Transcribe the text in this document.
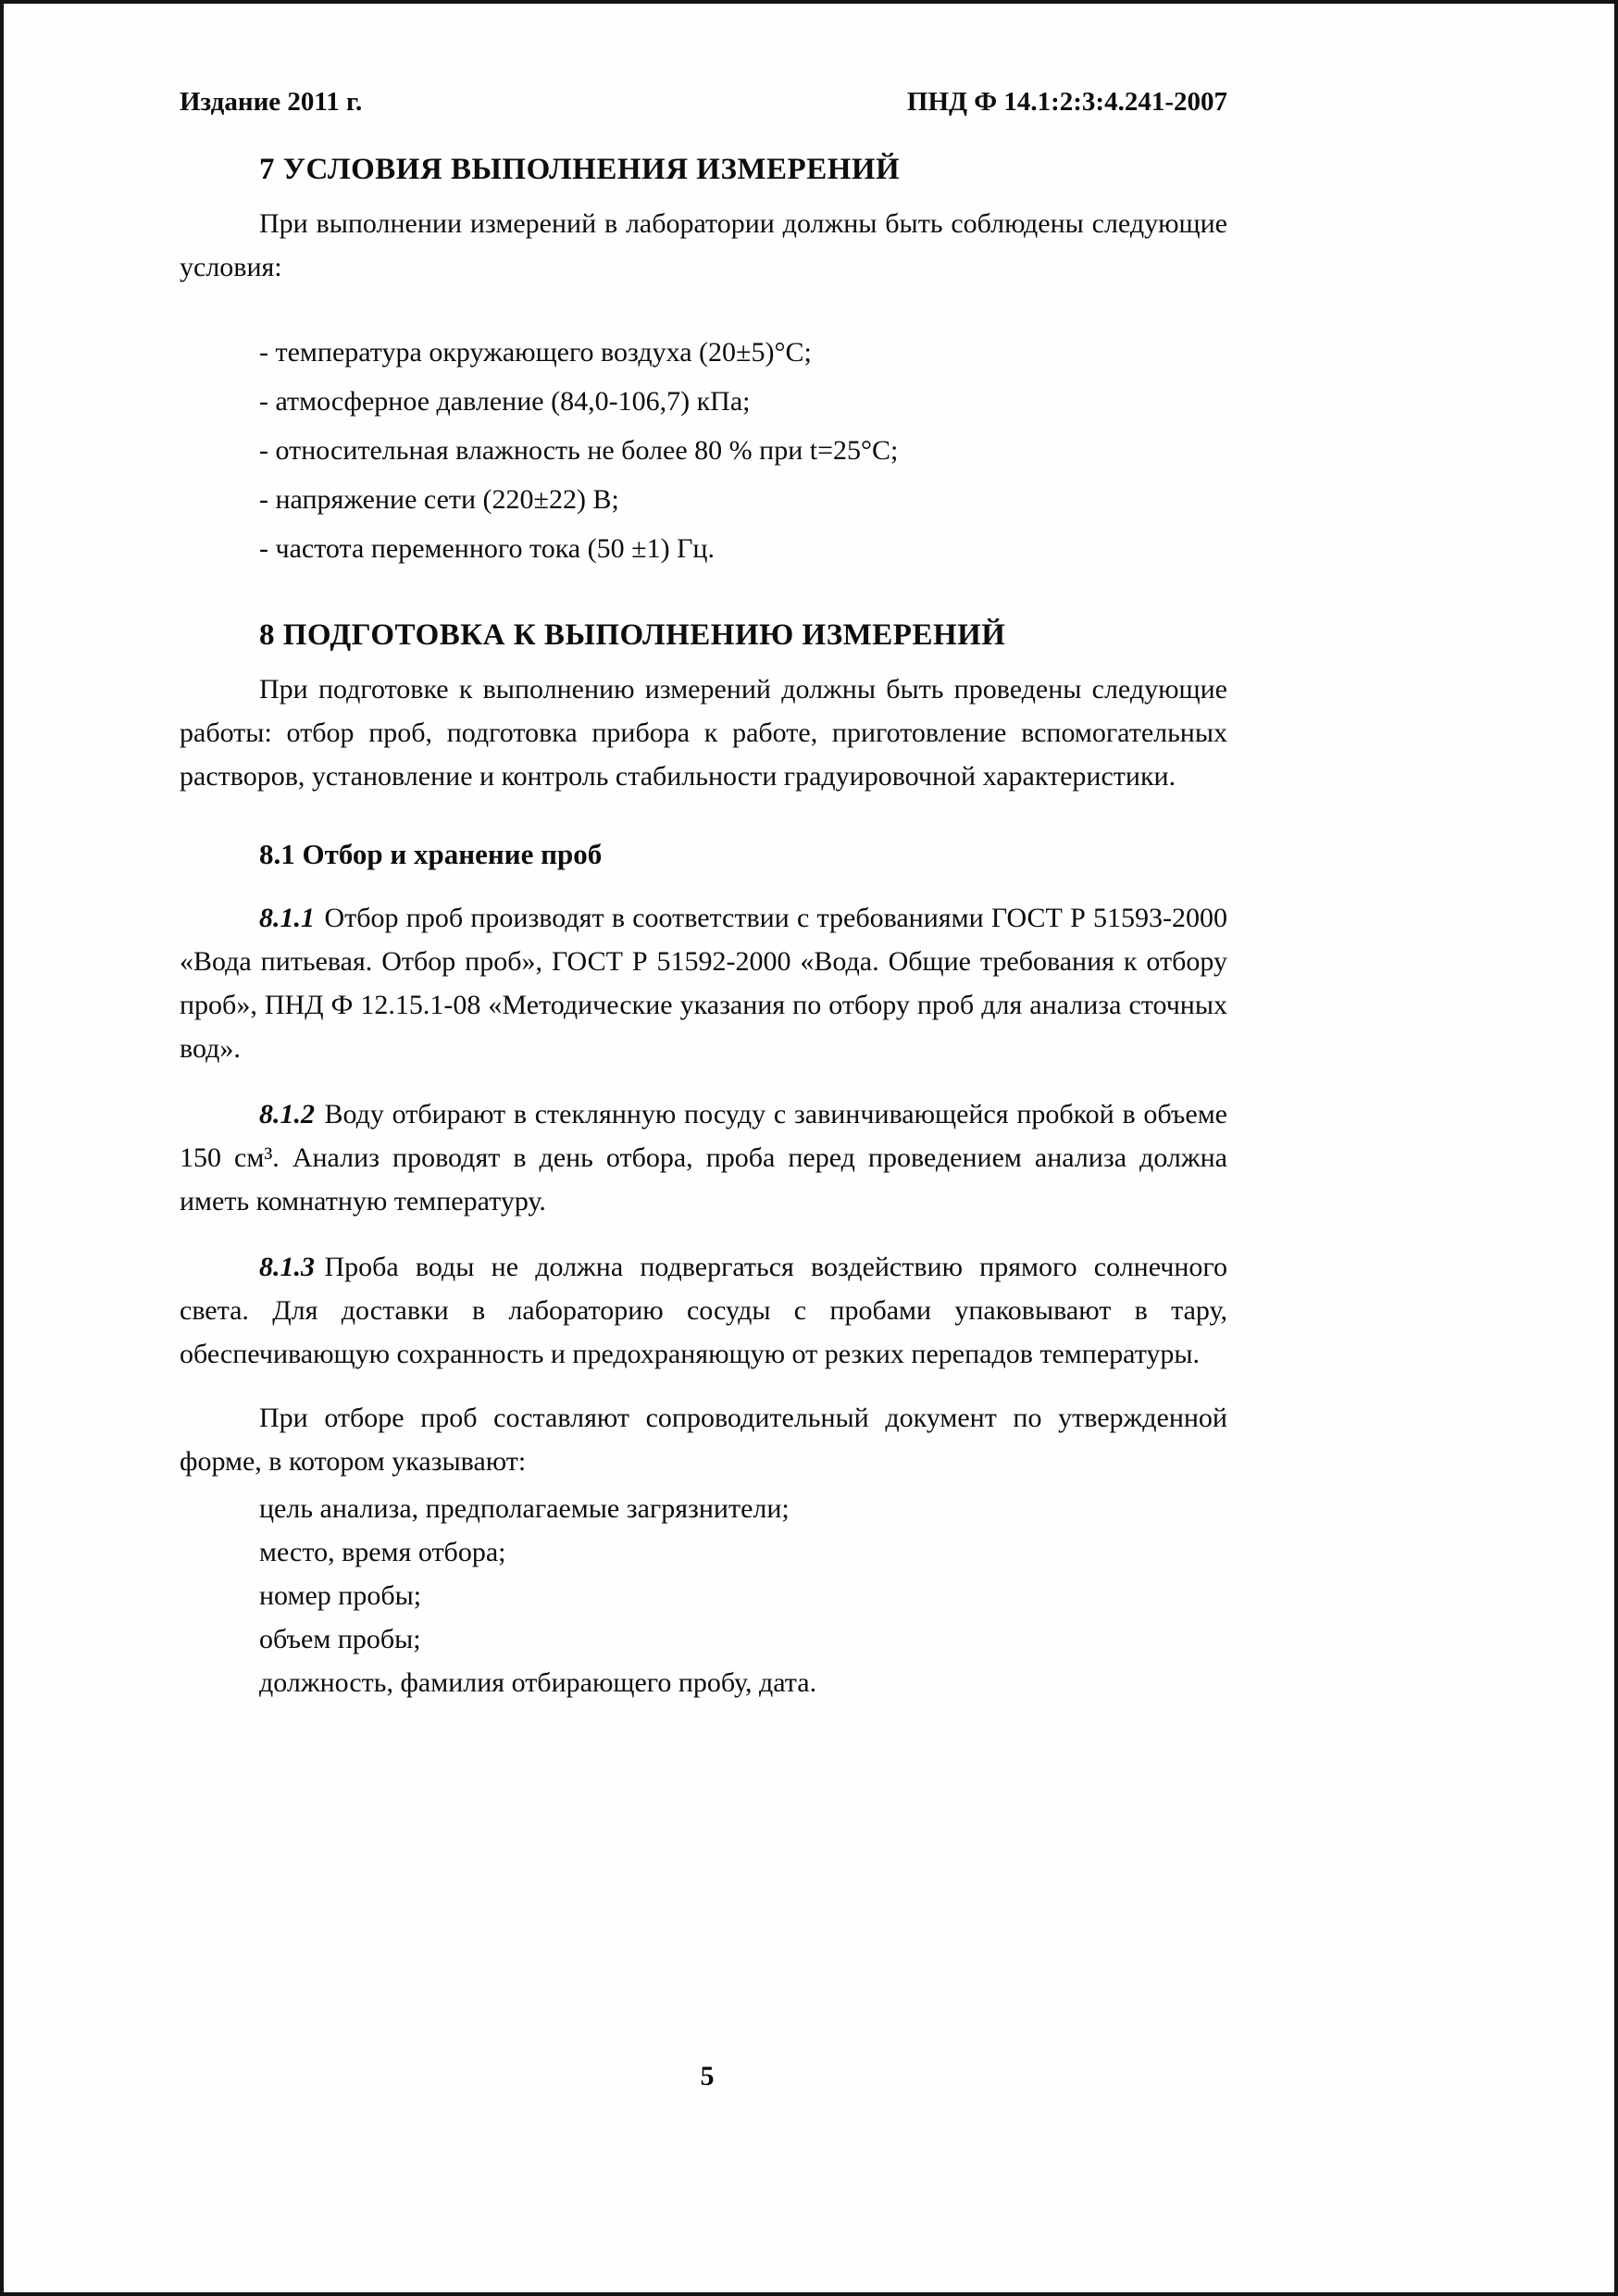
Издание 2011 г.	ПНД Ф 14.1:2:3:4.241-2007
7 УСЛОВИЯ ВЫПОЛНЕНИЯ ИЗМЕРЕНИЙ

При выполнении измерений в лаборатории должны быть соблюдены следующие условия:

- температура окружающего воздуха (20±5)°С;
- атмосферное давление (84,0-106,7) кПа;
- относительная влажность не более 80 % при t=25°С;
- напряжение сети (220±22) В;
- частота переменного тока (50 ±1) Гц.
8 ПОДГОТОВКА К ВЫПОЛНЕНИЮ ИЗМЕРЕНИЙ

При подготовке к выполнению измерений должны быть проведены следующие работы: отбор проб, подготовка прибора к работе, приготовление вспомогательных растворов, установление и контроль стабильности градуировочной характеристики.

8.1 Отбор и хранение проб

8.1.1 Отбор проб производят в соответствии с требованиями ГОСТ Р 51593-2000 «Вода питьевая. Отбор проб», ГОСТ Р 51592-2000 «Вода. Общие требования к отбору проб», ПНД Ф 12.15.1-08 «Методические указания по отбору проб для анализа сточных вод».

8.1.2 Воду отбирают в стеклянную посуду с завинчивающейся пробкой в объеме 150 см³. Анализ проводят в день отбора, проба перед проведением анализа должна иметь комнатную температуру.

8.1.3 Проба воды не должна подвергаться воздействию прямого солнечного света. Для доставки в лабораторию сосуды с пробами упаковывают в тару, обеспечивающую сохранность и предохраняющую от резких перепадов температуры.

При отборе проб составляют сопроводительный документ по утвержденной форме, в котором указывают:

цель анализа, предполагаемые загрязнители;
место, время отбора;
номер пробы;
объем пробы;
должность, фамилия отбирающего пробу, дата.
5
